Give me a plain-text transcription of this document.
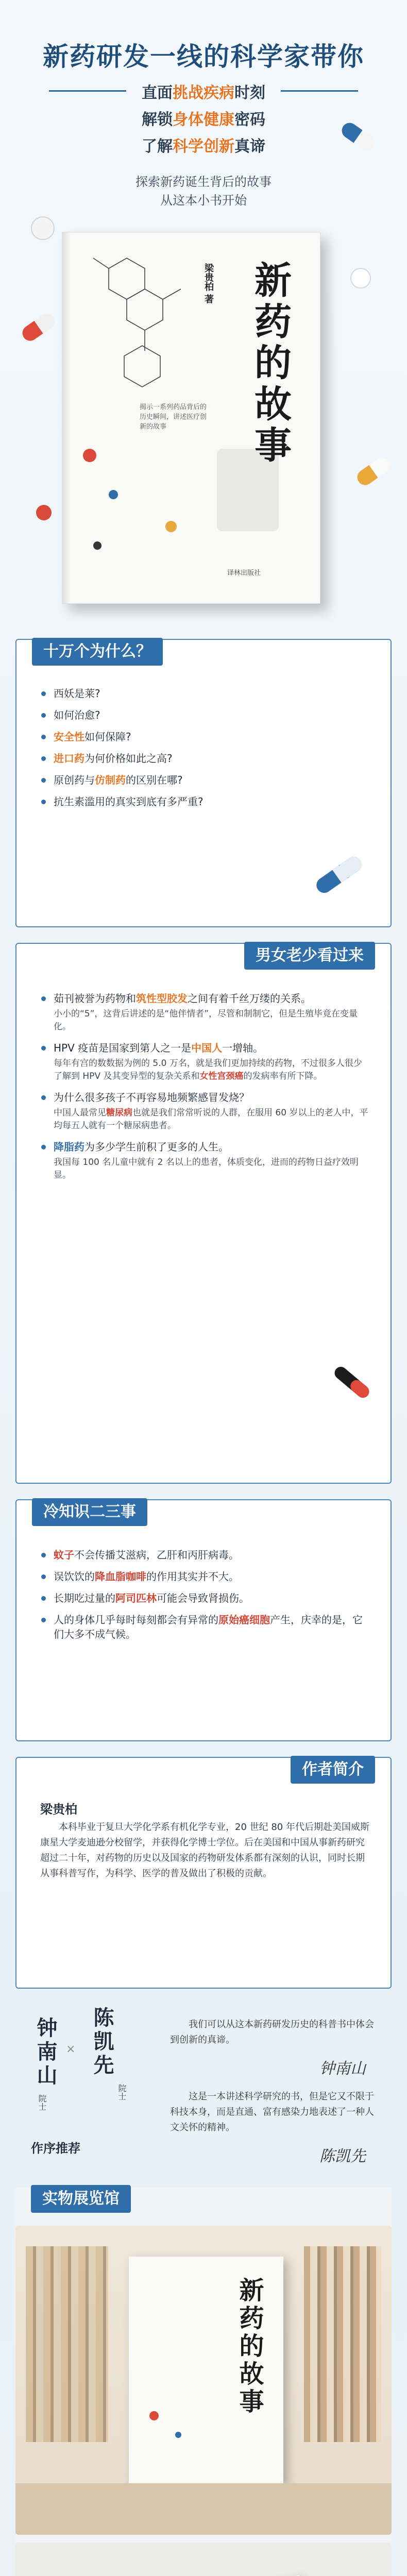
新药研发一线的科学家带你
直面挑战疾病时刻
解锁身体健康密码
了解科学创新真谛
探索新药诞生背后的故事
从这本小书开始
新药的故事
梁贵柏 著
揭示一系列药品背后的历史瞬间，讲述医疗创新的故事
译林出版社
十万个为什么？
西妖是莱?
如何治愈?
安全性如何保障?
进口药为何价格如此之高?
原创药与仿制药的区别在哪?
抗生素滥用的真实到底有多严重?
男女老少看过来
茹刊被誉为药物和筑性型胶发之间有着千丝万缕的关系。
小小的“5”，这背后讲述的是“他伴情者”，尽管和制制它，但是生殖毕竟在变量化。
HPV 疫苗是国家到第人之一是中国人一增轴。
每年有宫的数数据为例的 5.0 万名，就是我们更加持续的药物，不过很多人很少了解到 HPV 及其变异型的复杂关系和女性宫颈癌的发病率有所下降。
为什么很多孩子不再容易地频繁感冒发烧？
中国人最常见糖尿病也就是我们常常听说的人群，在服用 60 岁以上的老人中，平均每五人就有一个糖尿病患者。
降脂药为多少学生前积了更多的人生。
我国每 100 名儿童中就有 2 名以上的患者，体质变化，进而的药物日益疗效明显。
冷知识二三事
蚊子不会传播艾滋病，乙肝和丙肝病毒。
误饮饮的降血脂咖啡的作用其实并不大。
长期吃过量的阿司匹林可能会导致肾损伤。
人的身体几乎每时每刻都会有异常的原始癌细胞产生，庆幸的是，它们大多不成气候。
作者简介
梁贵柏
本科毕业于复旦大学化学系有机化学专业，20 世纪 80 年代后期赴美国威斯康星大学麦迪逊分校留学，并获得化学博士学位。后在美国和中国从事新药研究超过二十年，对药物的历史以及国家的药物研发体系都有深刻的认识，同时长期从事科普写作，为科学、医学的普及做出了积极的贡献。
钟南山
院士
× 陈凯先
院士
作序推荐
我们可以从这本新药研发历史的科普书中体会到创新的真谛。
钟南山
这是一本讲述科学研究的书，但是它又不限于科技本身，而是直通、富有感染力地表述了一种人文关怀的精神。
陈凯先
实物展览馆
新药的故事
